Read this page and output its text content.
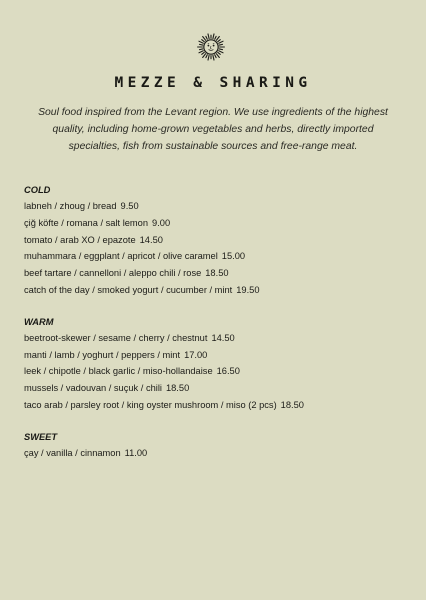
MEZZE & SHARING
Soul food inspired from the Levant region. We use ingredients of the highest quality, including home-grown vegetables and herbs, directly imported specialties, fish from sustainable sources and free-range meat.
COLD
labneh / zhoug / bread 9.50
çiğ köfte / romana / salt lemon 9.00
tomato / arab XO / epazote 14.50
muhammara / eggplant / apricot / olive caramel 15.00
beef tartare / cannelloni / aleppo chili / rose 18.50
catch of the day / smoked yogurt / cucumber / mint 19.50
WARM
beetroot-skewer / sesame / cherry / chestnut 14.50
manti / lamb / yoghurt / peppers / mint 17.00
leek / chipotle / black garlic / miso-hollandaise 16.50
mussels / vadouvan / suçuk / chili 18.50
taco arab / parsley root / king oyster mushroom / miso (2 pcs) 18.50
SWEET
çay / vanilla / cinnamon 11.00
